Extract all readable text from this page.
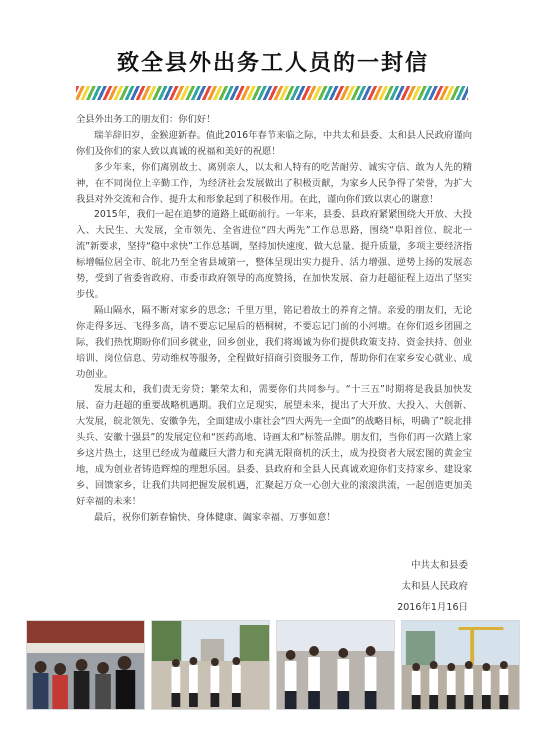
致全县外出务工人员的一封信

全县外出务工的朋友们：你们好！

瑞羊辞旧岁，金猴迎新春。值此2016年春节来临之际，中共太和县委、太和县人民政府谨向你们及你们的家人致以真诚的祝福和美好的祝愿！

多少年来，你们离别故土、离别亲人，以太和人特有的吃苦耐劳、诚实守信、敢为人先的精神，在不同岗位上辛勤工作，为经济社会发展做出了积极贡献，为家乡人民争得了荣誉，为扩大我县对外交流和合作、提升太和形象起到了积极作用。在此，谨向你们致以衷心的谢意！

2015年，我们一起在追梦的道路上砥砺前行。一年来，县委、县政府紧紧围绕大开放、大投入、大民生、大发展，全市领先、全省进位“四大两先”工作总思路，围绕“阜阳首位、皖北一流”新要求，坚持“稳中求快”工作总基调，坚持加快速度、做大总量、提升质量，多项主要经济指标增幅位居全市、皖北乃至全省县域第一，整体呈现出实力提升、活力增强、逆势上扬的发展态势，受到了省委省政府、市委市政府领导的高度赞扬，在加快发展、奋力赶超征程上迈出了坚实步伐。

隔山隔水，隔不断对家乡的思念；千里万里，铭记着故土的养育之情。亲爱的朋友们，无论你走得多远、飞得多高，请不要忘记屋后的梧桐树，不要忘记门前的小河塘。在你们返乡团圆之际，我们热忱期盼你们回乡就业，回乡创业，我们将竭诚为你们提供政策支持、资金扶持、创业培训、岗位信息、劳动维权等服务，全程做好招商引资服务工作，帮助你们在家乡安心就业、成功创业。

发展太和，我们责无旁贷；繁荣太和，需要你们共同参与。“十三五”时期将是我县加快发展、奋力赶超的重要战略机遇期。我们立足现实，展望未来，提出了大开放、大投入、大创新、大发展，皖北领先、安徽争先，全面建成小康社会“四大两先一全面”的战略目标，明确了“皖北排头兵、安徽十强县”的发展定位和“医药高地、诗画太和”标签品牌。朋友们，当你们再一次踏上家乡这片热土，这里已经成为蕴藏巨大潜力和充满无限商机的沃土，成为投资者大展宏图的黄金宝地，成为创业者铸造辉煌的理想乐园。县委、县政府和全县人民真诚欢迎你们支持家乡、建设家乡、回馈家乡，让我们共同把握发展机遇，汇聚起万众一心创大业的滚滚洪流，一起创造更加美好幸福的未来！

最后，祝你们新春愉快、身体健康、阖家幸福、万事如意！

中共太和县委
太和县人民政府
2016年1月16日
